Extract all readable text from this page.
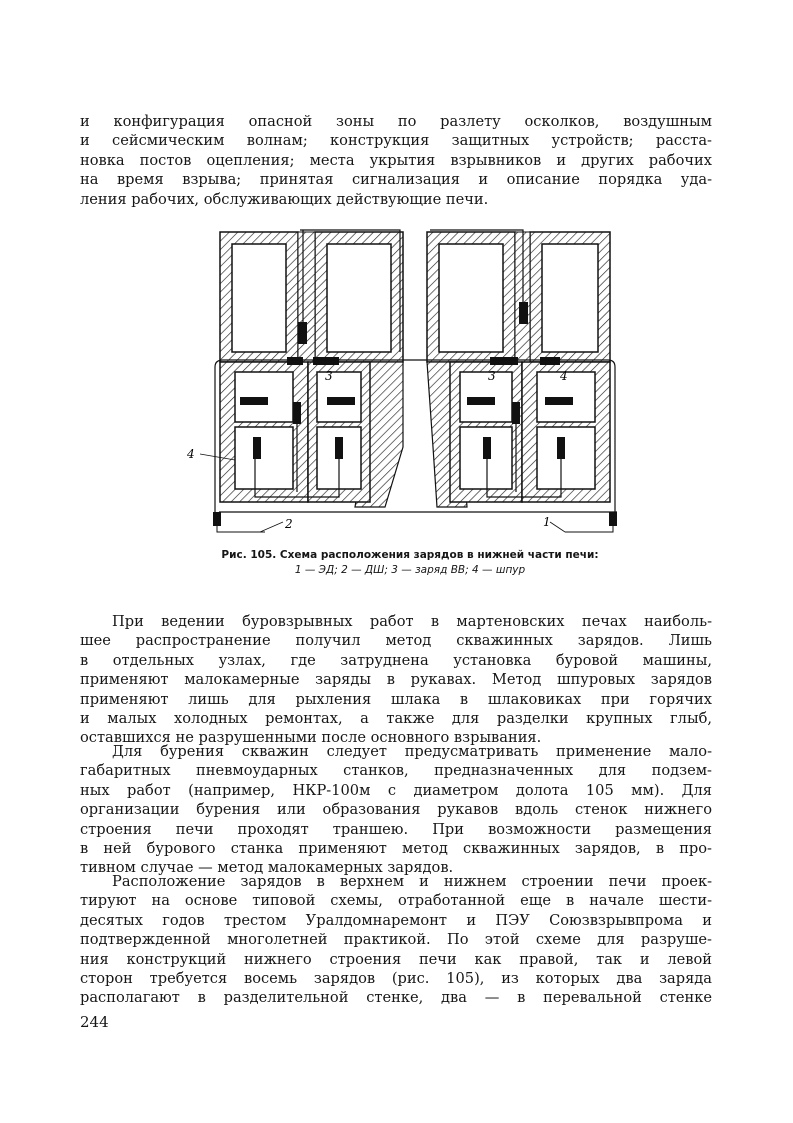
и конфигурация опасной зоны по разлету осколков, воздушным
и сейсмическим волнам; конструкция защитных устройств; расста-
новка постов оцепления; места укрытия взрывников и других рабочих
на время взрыва; принятая сигнализация и описание порядка уда-
ления рабочих, обслуживающих действующие печи.

4
2	1
3	3	4
Рис. 105. Схема расположения зарядов в нижней части печи:
1 — ЭД; 2 — ДШ; 3 — заряд ВВ; 4 — шпур

При ведении буровзрывных работ в мартеновских печах наиболь-
шее распространение получил метод скважинных зарядов. Лишь
в отдельных узлах, где затруднена установка буровой машины,
применяют малокамерные заряды в рукавах. Метод шпуровых зарядов
применяют лишь для рыхления шлака в шлаковиках при горячих
и малых холодных ремонтах, а также для разделки крупных глыб,
оставшихся не разрушенными после основного взрывания.

Для бурения скважин следует предусматривать применение мало-
габаритных пневмоударных станков, предназначенных для подзем-
ных работ (например, НКР-100м с диаметром долота 105 мм). Для
организации бурения или образования рукавов вдоль стенок нижнего
строения печи проходят траншею. При возможности размещения
в ней бурового станка применяют метод скважинных зарядов, в про-
тивном случае — метод малокамерных зарядов.

Расположение зарядов в верхнем и нижнем строении печи проек-
тируют на основе типовой схемы, отработанной еще в начале шести-
десятых годов трестом Уралдомнаремонт и ПЭУ Союзвзрывпрома и
подтвержденной многолетней практикой. По этой схеме для разруше-
ния конструкций нижнего строения печи как правой, так и левой
сторон требуется восемь зарядов (рис. 105), из которых два заряда
располагают в разделительной стенке, два — в перевальной стенке

244
